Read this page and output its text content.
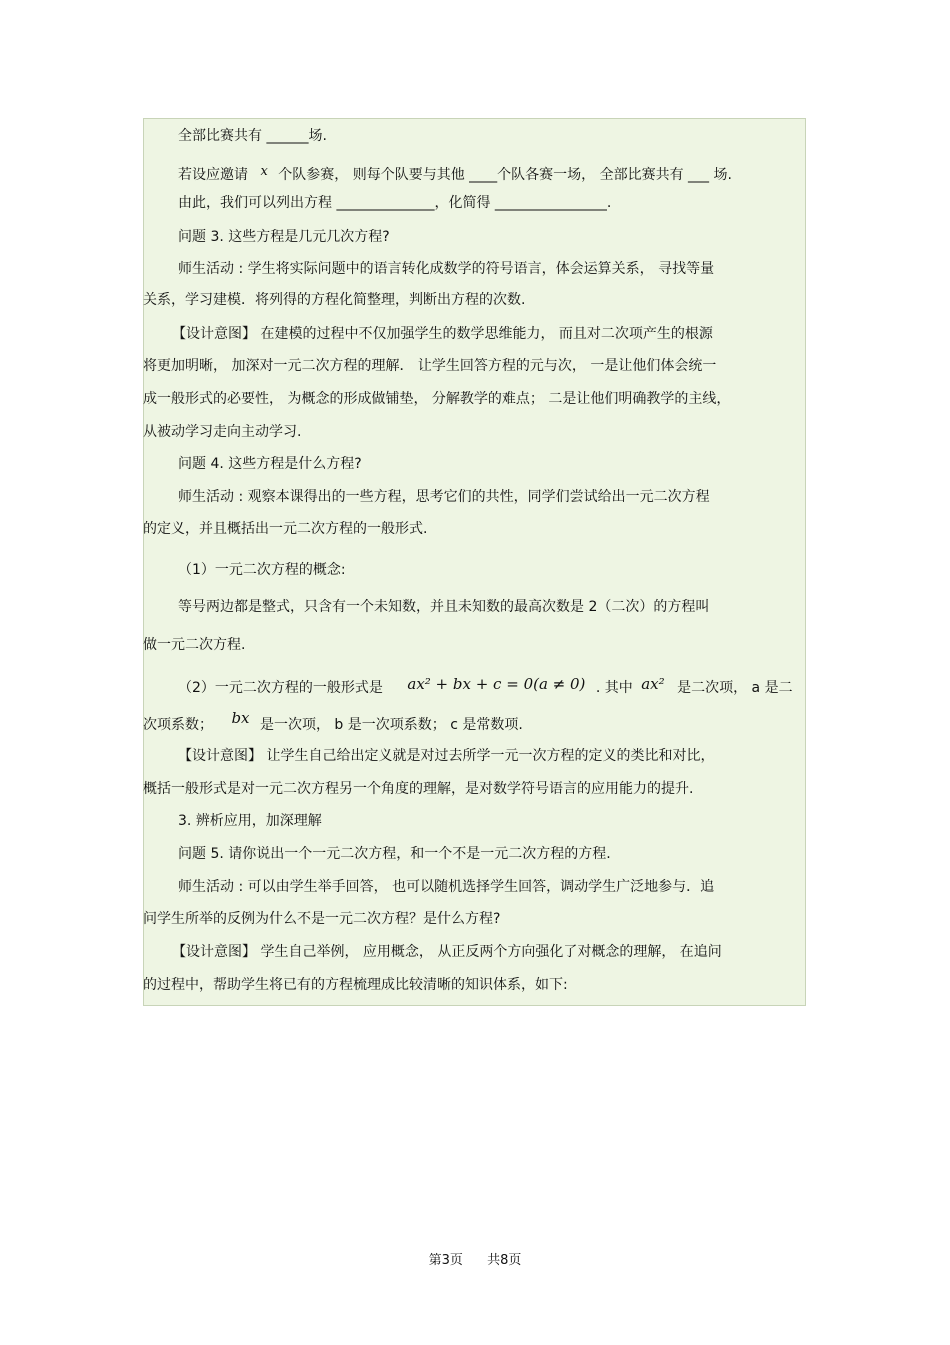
全部比赛共有 ______场.
若设应邀请 x 个队参赛， 则每个队要与其他 ____个队各赛一场， 全部比赛共有 ___ 场.
由此，我们可以列出方程 ______________，化简得 ________________.
问题 3. 这些方程是几元几次方程?
师生活动 : 学生将实际问题中的语言转化成数学的符号语言，体会运算关系， 寻找等量
关系，学习建模．将列得的方程化简整理，判断出方程的次数.
【设计意图】 在建模的过程中不仅加强学生的数学思维能力， 而且对二次项产生的根源
将更加明晰， 加深对一元二次方程的理解． 让学生回答方程的元与次， 一是让他们体会统一
成一般形式的必要性， 为概念的形成做铺垫， 分解教学的难点； 二是让他们明确教学的主线，
从被动学习走向主动学习.
问题 4. 这些方程是什么方程?
师生活动 : 观察本课得出的一些方程，思考它们的共性，同学们尝试给出一元二次方程
的定义，并且概括出一元二次方程的一般形式.
（1）一元二次方程的概念:
等号两边都是整式，只含有一个未知数，并且未知数的最高次数是 2（二次）的方程叫
做一元二次方程.
（2）一元二次方程的一般形式是 ax² + bx + c = 0(a ≠ 0) . 其中 ax² 是二次项， a 是二
次项系数； bx 是一次项， b 是一次项系数； c 是常数项.
【设计意图】 让学生自己给出定义就是对过去所学一元一次方程的定义的类比和对比，
概括一般形式是对一元二次方程另一个角度的理解，是对数学符号语言的应用能力的提升.
3. 辨析应用，加深理解
问题 5. 请你说出一个一元二次方程，和一个不是一元二次方程的方程.
师生活动 : 可以由学生举手回答， 也可以随机选择学生回答，调动学生广泛地参与．追
问学生所举的反例为什么不是一元二次方程？是什么方程?
【设计意图】 学生自己举例， 应用概念， 从正反两个方向强化了对概念的理解， 在追问
的过程中，帮助学生将已有的方程梳理成比较清晰的知识体系，如下:
第3页 共8页
